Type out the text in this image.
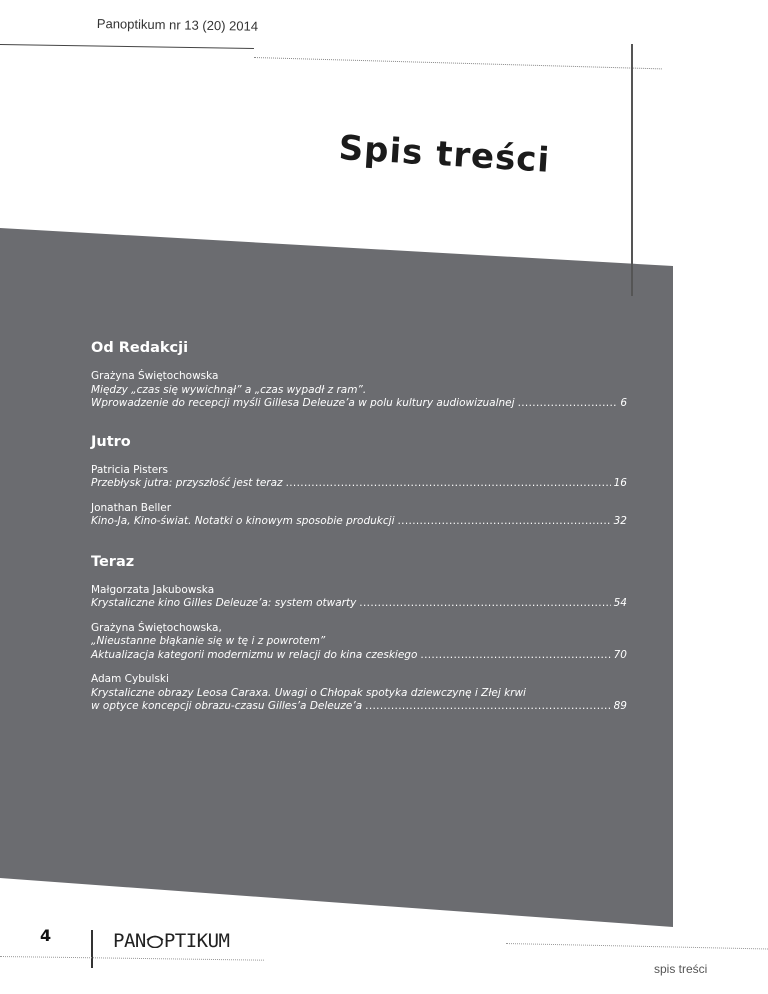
Panoptikum nr 13 (20) 2014
Spis treści
Od Redakcji
Grażyna Świętochowska
Między „czas się wywichnął” a „czas wypadł z ram”.
Wprowadzenie do recepcji myśli Gillesa Deleuze’a w polu kultury audiowizualnej . . .	6
Jutro
Patricia Pisters
Przebłysk jutra: przyszłość jest teraz . . .	16
Jonathan Beller
Kino-Ja, Kino-świat. Notatki o kinowym sposobie produkcji . . .	32
Teraz
Małgorzata Jakubowska
Krystaliczne kino Gilles Deleuze’a: system otwarty . . .	54
Grażyna Świętochowska,
„Nieustanne błąkanie się w tę i z powrotem”
Aktualizacja kategorii modernizmu w relacji do kina czeskiego . . .	70
Adam Cybulski
Krystaliczne obrazy Leosa Caraxa. Uwagi o Chłopak spotyka dziewczynę i Złej krwi
w optyce koncepcji obrazu-czasu Gilles’a Deleuze’a . . .	89
4	PAN PTIKUM
spis treści
